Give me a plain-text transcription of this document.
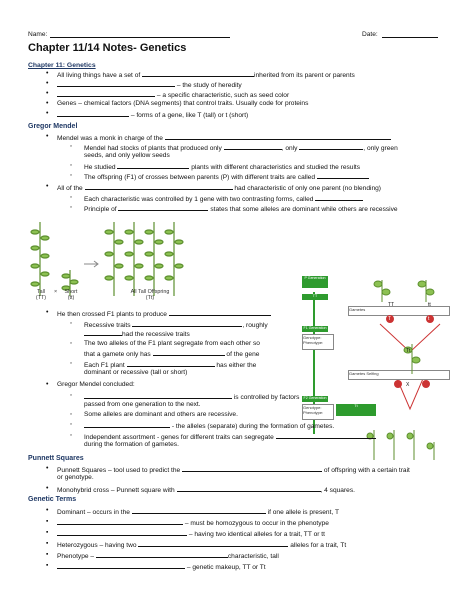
Name:	Date:
Chapter 11/14 Notes- Genetics
Chapter 11: Genetics
• All living things have a set of	inherited from its parent or parents
•	– the study of heredity
•	– a specific characteristic, such as seed color
• Genes – chemical factors (DNA segments) that control traits. Usually code for proteins
•	– forms of a gene, like T (tall) or t (short)
Gregor Mendel
• Mendel was a monk in charge of the
◦ Mendel had stocks of plants that produced only	, only	, only green
seeds, and only yellow seeds
◦ He studied	plants with different characteristics and studied the results
◦ The offspring (F1) of crosses between parents (P) with different traits are called
• All of the	had characteristic of only one parent (no blending)
◦ Each characteristic was controlled by 1 gene with two contrasting forms, called
◦ Principle of	states that some alleles are dominant while others are recessive
Tall
(TT)
×	Short
(tt)
All Tall Offspring
(Tt)
P Generation
TT
Gametes
F1 Generation
Genotype:
Phenotype:
Gametes Selfing
F2 Generation
Genotype:
Phenotype:
Tt
TT	tt
T	t
Tt
X
• He then crossed F1 plants to produce
◦ Recessive traits	, roughly
had the recessive traits
◦ The two alleles of the F1 plant segregate from each other so
that a gamete only has	of the gene
◦ Each F1 plant	has either the
dominant or recessive (tall or short)
• Gregor Mendel concluded:
◦	is controlled by factors
passed from one generation to the next.
◦ Some alleles are dominant and others are recessive.
◦	- the alleles (separate) during the formation of gametes.
◦ Independent assortment - genes for different traits can segregate
during the formation of gametes.
Punnett Squares
• Punnett Squares – tool used to predict the	of offspring with a certain trait
or genotype.
• Monohybrid cross – Punnett square with	, 4 squares.
Genetic Terms
• Dominant – occurs in the	if one allele is present, T
▪	– must be homozygous to occur in the phenotype
▪	– having two identical alleles for a trait, TT or tt
▪ Heterozygous – having two	alleles for a trait, Tt
▪ Phenotype –	characteristic, tall
▪	– genetic makeup, TT or Tt
